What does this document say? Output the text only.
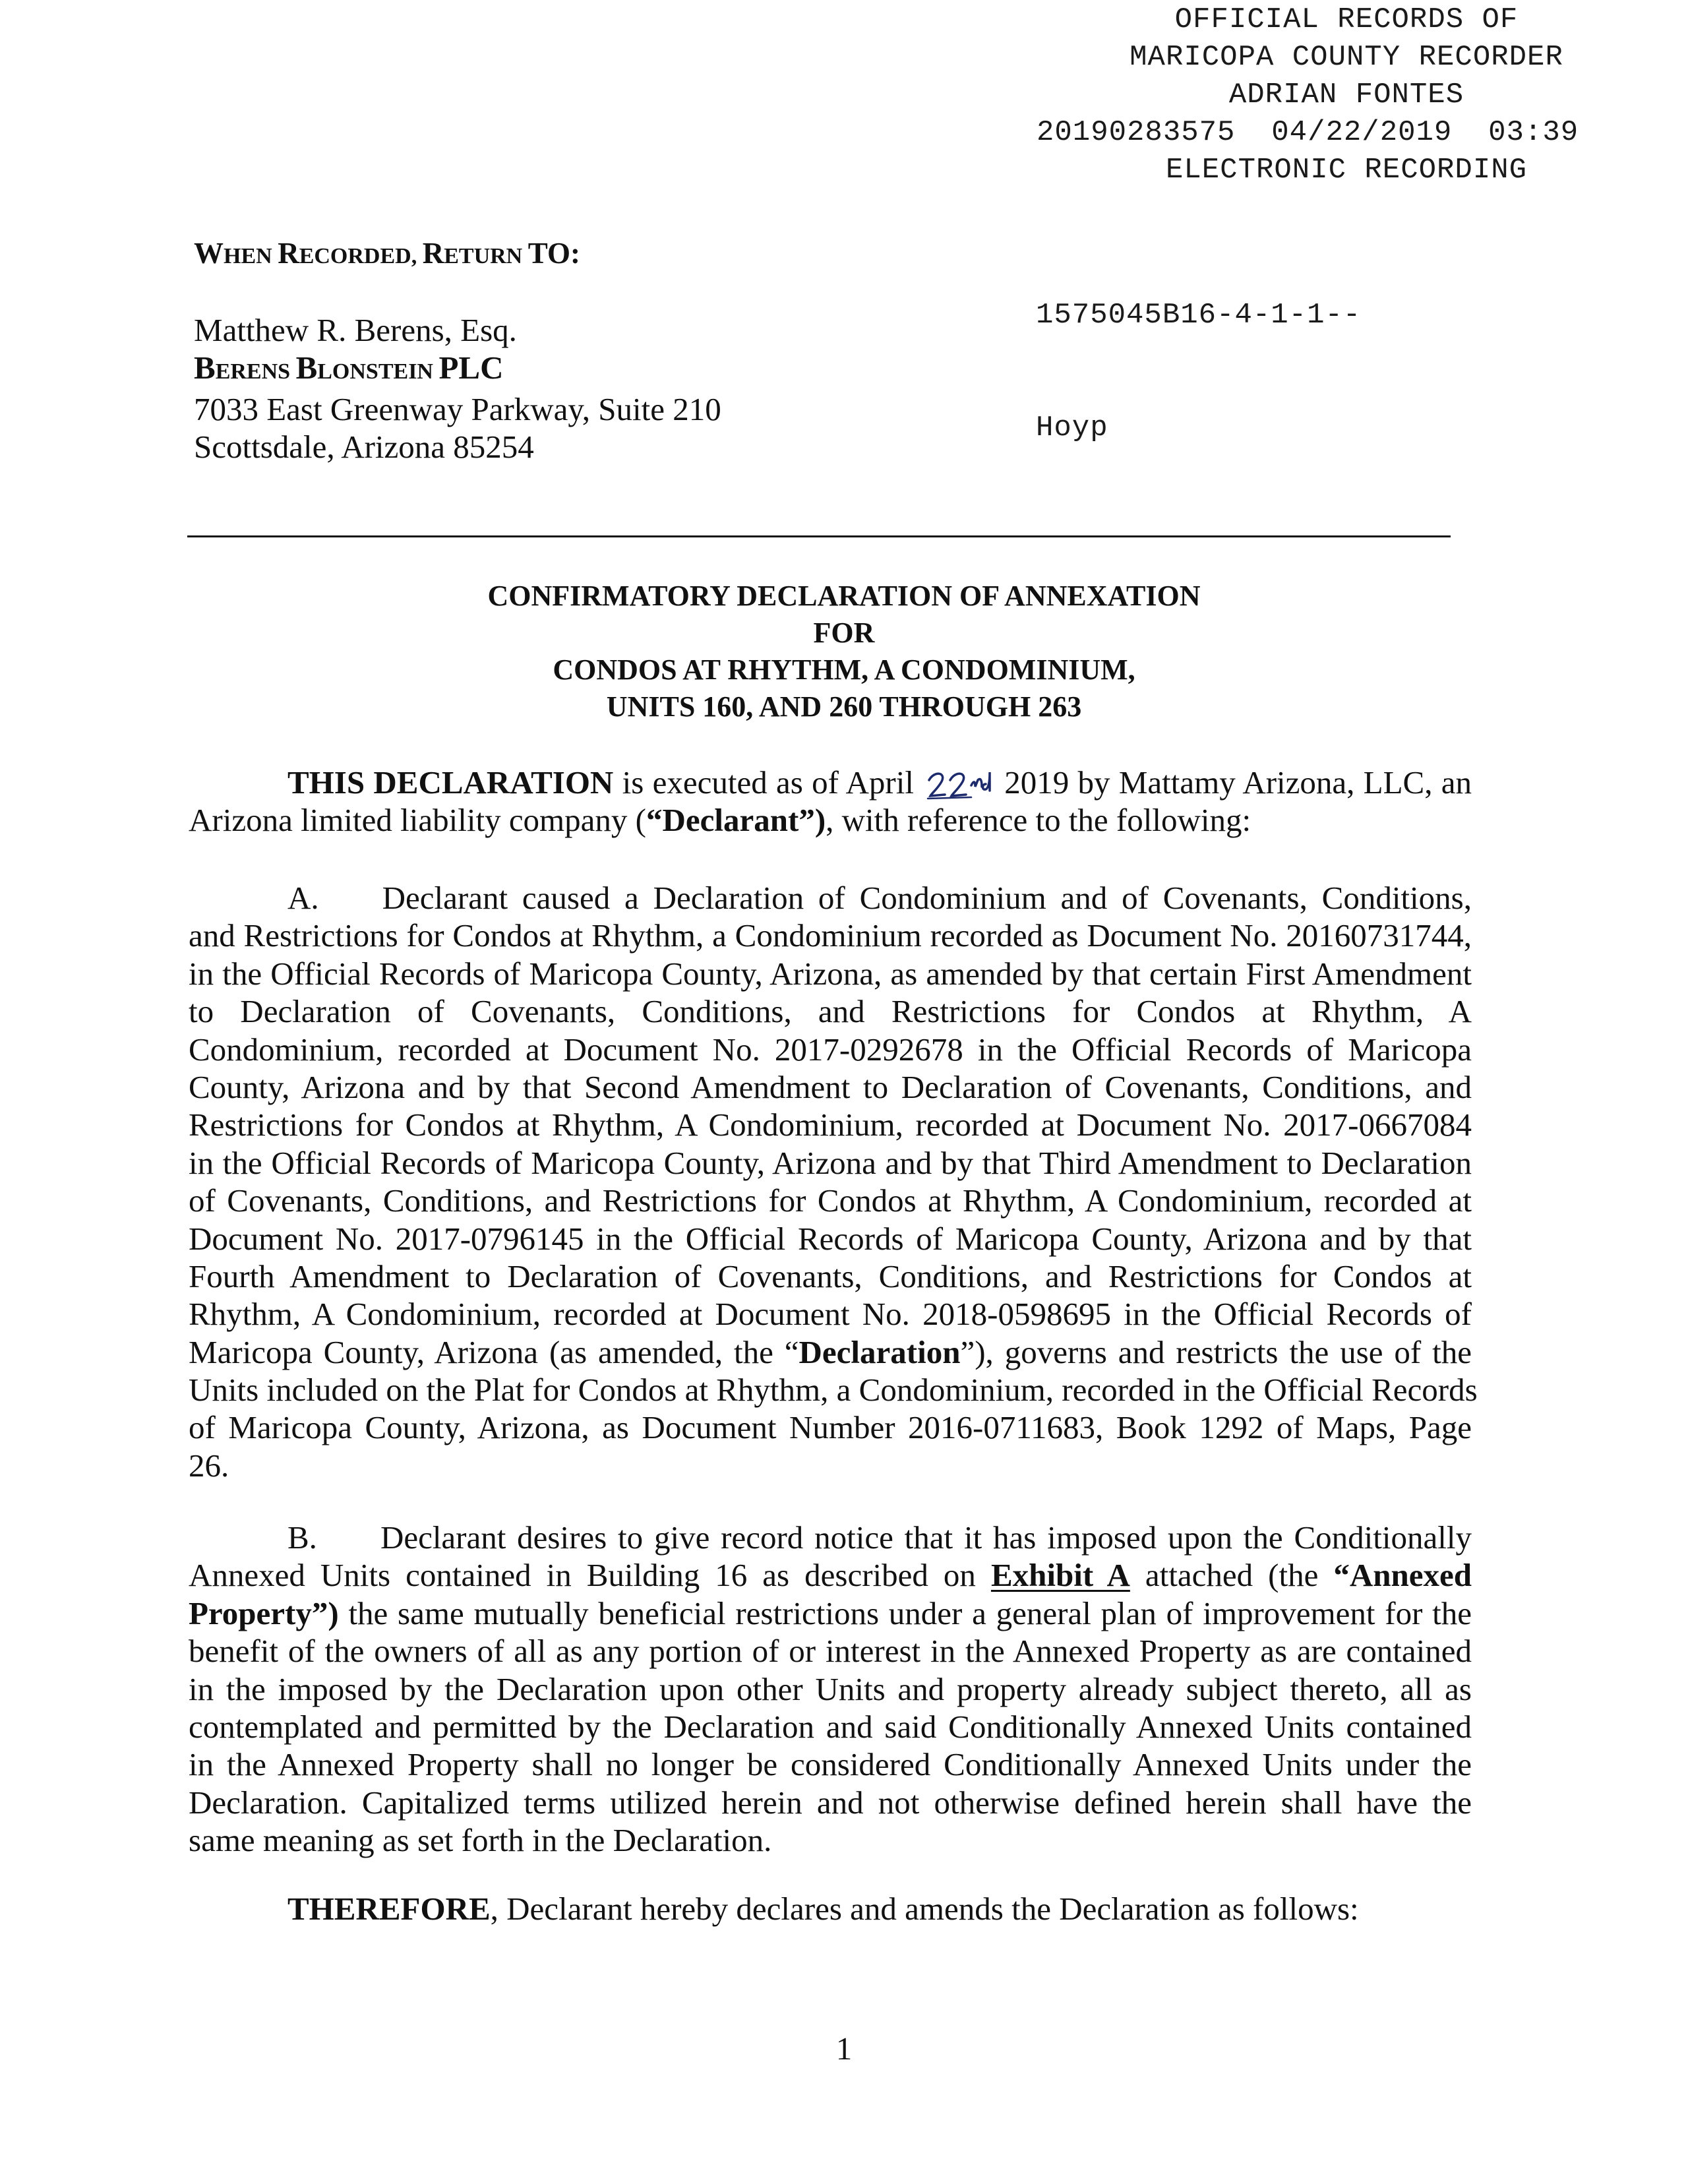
OFFICIAL RECORDS OF
MARICOPA COUNTY RECORDER
ADRIAN FONTES
20190283575 04/22/2019 03:39
ELECTRONIC RECORDING

1575045B16-4-1-1--

Hoyp

WHEN RECORDED, RETURN TO:
Matthew R. Berens, Esq.
BERENS BLONSTEIN PLC
7033 East Greenway Parkway, Suite 210
Scottsdale, Arizona 85254
CONFIRMATORY DECLARATION OF ANNEXATION
FOR
CONDOS AT RHYTHM, A CONDOMINIUM,
UNITS 160, AND 260 THROUGH 263
THIS DECLARATION is executed as of April	2019 by Mattamy Arizona, LLC, an
Arizona limited liability company (“Declarant”), with reference to the following:
A. Declarant caused a Declaration of Condominium and of Covenants, Conditions,
and Restrictions for Condos at Rhythm, a Condominium recorded as Document No. 20160731744,
in the Official Records of Maricopa County, Arizona, as amended by that certain First Amendment
to Declaration of Covenants, Conditions, and Restrictions for Condos at Rhythm, A
Condominium, recorded at Document No. 2017-0292678 in the Official Records of Maricopa
County, Arizona and by that Second Amendment to Declaration of Covenants, Conditions, and
Restrictions for Condos at Rhythm, A Condominium, recorded at Document No. 2017-0667084
in the Official Records of Maricopa County, Arizona and by that Third Amendment to Declaration
of Covenants, Conditions, and Restrictions for Condos at Rhythm, A Condominium, recorded at
Document No. 2017-0796145 in the Official Records of Maricopa County, Arizona and by that
Fourth Amendment to Declaration of Covenants, Conditions, and Restrictions for Condos at
Rhythm, A Condominium, recorded at Document No. 2018-0598695 in the Official Records of
Maricopa County, Arizona (as amended, the “Declaration”), governs and restricts the use of the
Units included on the Plat for Condos at Rhythm, a Condominium, recorded in the Official Records
of Maricopa County, Arizona, as Document Number 2016-0711683, Book 1292 of Maps, Page
26.
B. Declarant desires to give record notice that it has imposed upon the Conditionally
Annexed Units contained in Building 16 as described on Exhibit A attached (the “Annexed
Property”) the same mutually beneficial restrictions under a general plan of improvement for the
benefit of the owners of all as any portion of or interest in the Annexed Property as are contained
in the imposed by the Declaration upon other Units and property already subject thereto, all as
contemplated and permitted by the Declaration and said Conditionally Annexed Units contained
in the Annexed Property shall no longer be considered Conditionally Annexed Units under the
Declaration. Capitalized terms utilized herein and not otherwise defined herein shall have the
same meaning as set forth in the Declaration.
THEREFORE, Declarant hereby declares and amends the Declaration as follows:
1
